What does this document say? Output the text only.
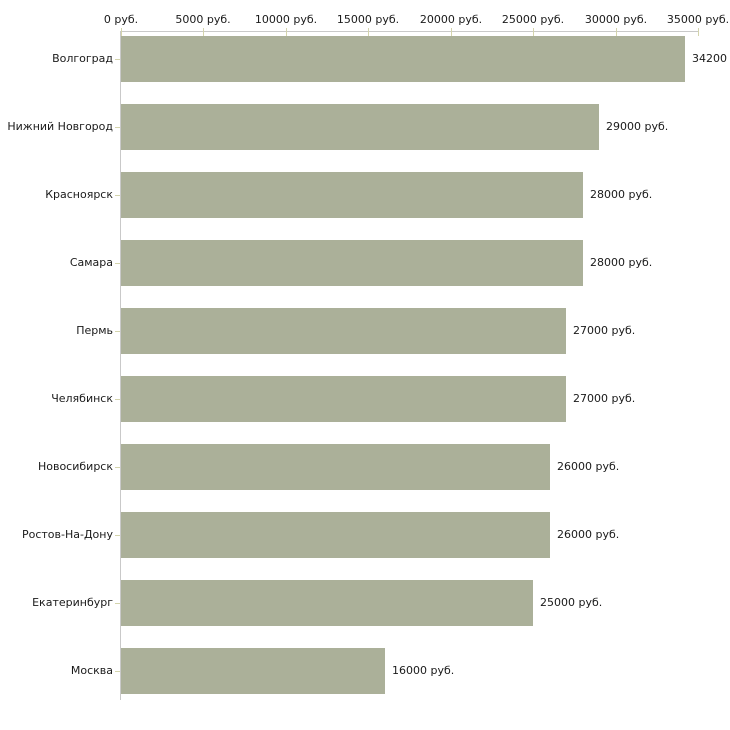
0 руб.	5000 руб. 10000 руб. 15000 руб. 20000 руб. 25000 руб. 30000 руб. 35000 руб.
Волгоград	34200
Нижний Новгород	29000 руб.
Красноярск	28000 руб.
Самара	28000 руб.
Пермь	27000 руб.
Челябинск	27000 руб.
Новосибирск	26000 руб.
Ростов-На-Дону	26000 руб.
Екатеринбург	25000 руб.
Москва	16000 руб.
